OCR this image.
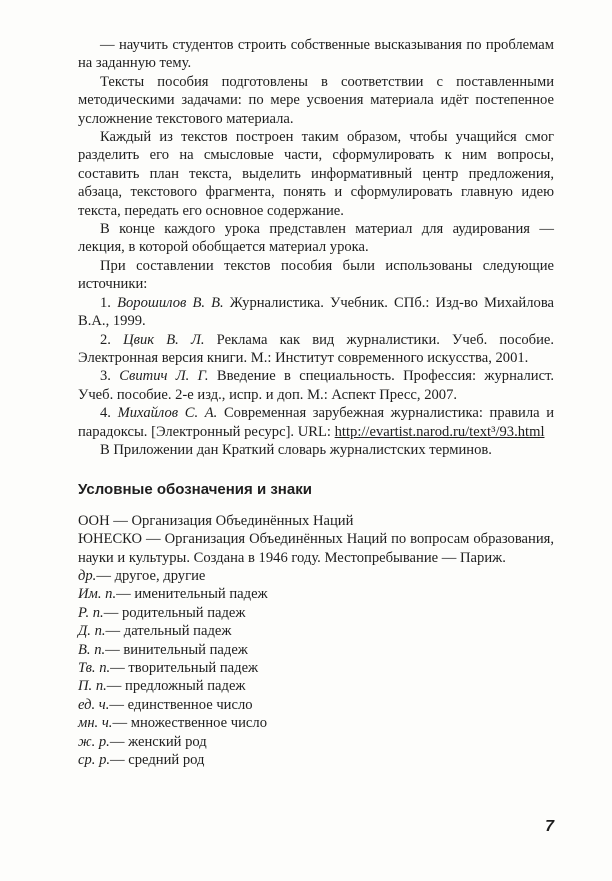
— научить студентов строить собственные высказывания по проблемам на заданную тему.

Тексты пособия подготовлены в соответствии с поставленными методическими задачами: по мере усвоения материала идёт постепенное усложнение текстового материала.

Каждый из текстов построен таким образом, чтобы учащийся смог разделить его на смысловые части, сформулировать к ним вопросы, составить план текста, выделить информативный центр предложения, абзаца, текстового фрагмента, понять и сформулировать главную идею текста, передать его основное содержание.

В конце каждого урока представлен материал для аудирования — лекция, в которой обобщается материал урока.

При составлении текстов пособия были использованы следующие источники:

1. Ворошилов В. В. Журналистика. Учебник. СПб.: Изд-во Михайлова В.А., 1999.

2. Цвик В. Л. Реклама как вид журналистики. Учеб. пособие. Электронная версия книги. М.: Институт современного искусства, 2001.

3. Свитич Л. Г. Введение в специальность. Профессия: журналист. Учеб. пособие. 2-е изд., испр. и доп. М.: Аспект Пресс, 2007.

4. Михайлов С. А. Современная зарубежная журналистика: правила и парадоксы. [Электронный ресурс]. URL: http://evartist.narod.ru/text³/93.html

В Приложении дан Краткий словарь журналистских терминов.

Условные обозначения и знаки

ООН — Организация Объединённых Наций

ЮНЕСКО — Организация Объединённых Наций по вопросам образования, науки и культуры. Создана в 1946 году. Местопребывание — Париж.

др. — другое, другие
Им. п. — именительный падеж
Р. п. — родительный падеж
Д. п. — дательный падеж
В. п. — винительный падеж
Тв. п. — творительный падеж
П. п. — предложный падеж
ед. ч. — единственное число
мн. ч. — множественное число
ж. р. — женский род
ср. р. — средний род
7
